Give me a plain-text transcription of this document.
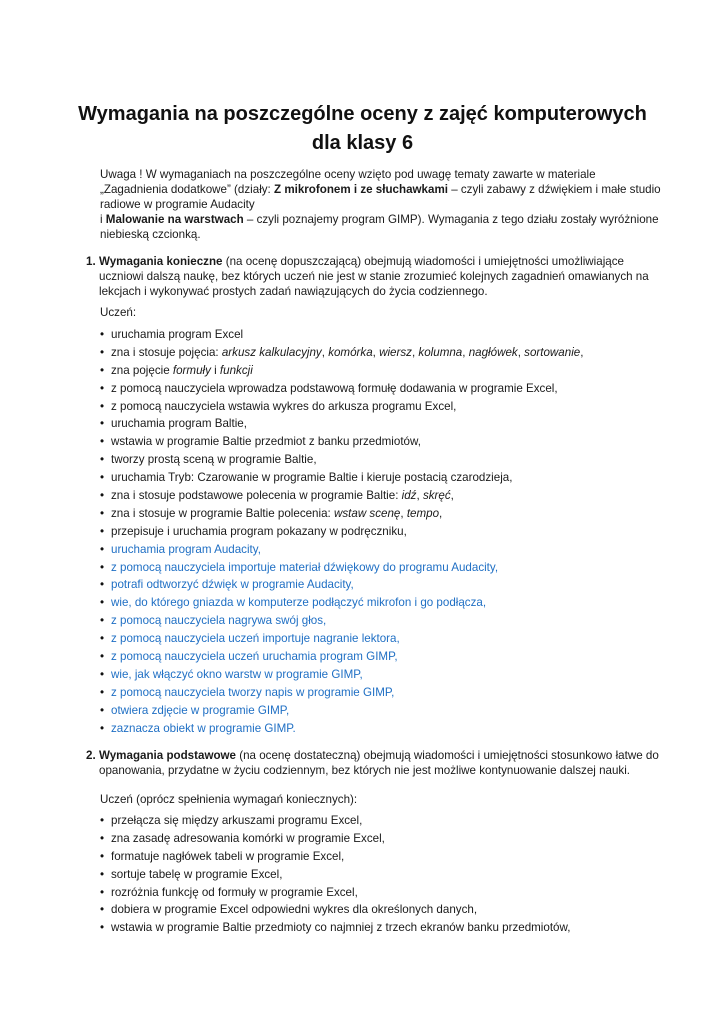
Wymagania na poszczególne oceny z zajęć komputerowych
dla klasy 6
Uwaga ! W wymaganiach na poszczególne oceny wzięto pod uwagę tematy zawarte w materiale
„Zagadnienia dodatkowe” (działy: Z mikrofonem i ze słuchawkami – czyli zabawy z dźwiękiem i małe studio
radiowe w programie Audacity
i Malowanie na warstwach – czyli poznajemy program GIMP). Wymagania z tego działu zostały wyróżnione
niebieską czcionką.
1. Wymagania konieczne (na ocenę dopuszczającą) obejmują wiadomości i umiejętności umożliwiające
uczniowi dalszą naukę, bez których uczeń nie jest w stanie zrozumieć kolejnych zagadnień omawianych na
lekcjach i wykonywać prostych zadań nawiązujących do życia codziennego.
Uczeń:
• uruchamia program Excel
• zna i stosuje pojęcia: arkusz kalkulacyjny, komórka, wiersz, kolumna, nagłówek, sortowanie,
• zna pojęcie formuły i funkcji
• z pomocą nauczyciela wprowadza podstawową formułę dodawania w programie Excel,
• z pomocą nauczyciela wstawia wykres do arkusza programu Excel,
• uruchamia program Baltie,
• wstawia w programie Baltie przedmiot z banku przedmiotów,
• tworzy prostą sceną w programie Baltie,
• uruchamia Tryb: Czarowanie w programie Baltie i kieruje postacią czarodzieja,
• zna i stosuje podstawowe polecenia w programie Baltie: idź, skręć,
• zna i stosuje w programie Baltie polecenia: wstaw scenę, tempo,
• przepisuje i uruchamia program pokazany w podręczniku,
• uruchamia program Audacity,
• z pomocą nauczyciela importuje materiał dźwiękowy do programu Audacity,
• potrafi odtworzyć dźwięk w programie Audacity,
• wie, do którego gniazda w komputerze podłączyć mikrofon i go podłącza,
• z pomocą nauczyciela nagrywa swój głos,
• z pomocą nauczyciela uczeń importuje nagranie lektora,
• z pomocą nauczyciela uczeń uruchamia program GIMP,
• wie, jak włączyć okno warstw w programie GIMP,
• z pomocą nauczyciela tworzy napis w programie GIMP,
• otwiera zdjęcie w programie GIMP,
• zaznacza obiekt w programie GIMP.
2. Wymagania podstawowe (na ocenę dostateczną) obejmują wiadomości i umiejętności stosunkowo łatwe do
opanowania, przydatne w życiu codziennym, bez których nie jest możliwe kontynuowanie dalszej nauki.
Uczeń (oprócz spełnienia wymagań koniecznych):
• przełącza się między arkuszami programu Excel,
• zna zasadę adresowania komórki w programie Excel,
• formatuje nagłówek tabeli w programie Excel,
• sortuje tabelę w programie Excel,
• rozróżnia funkcję od formuły w programie Excel,
• dobiera w programie Excel odpowiedni wykres dla określonych danych,
• wstawia w programie Baltie przedmioty co najmniej z trzech ekranów banku przedmiotów,
